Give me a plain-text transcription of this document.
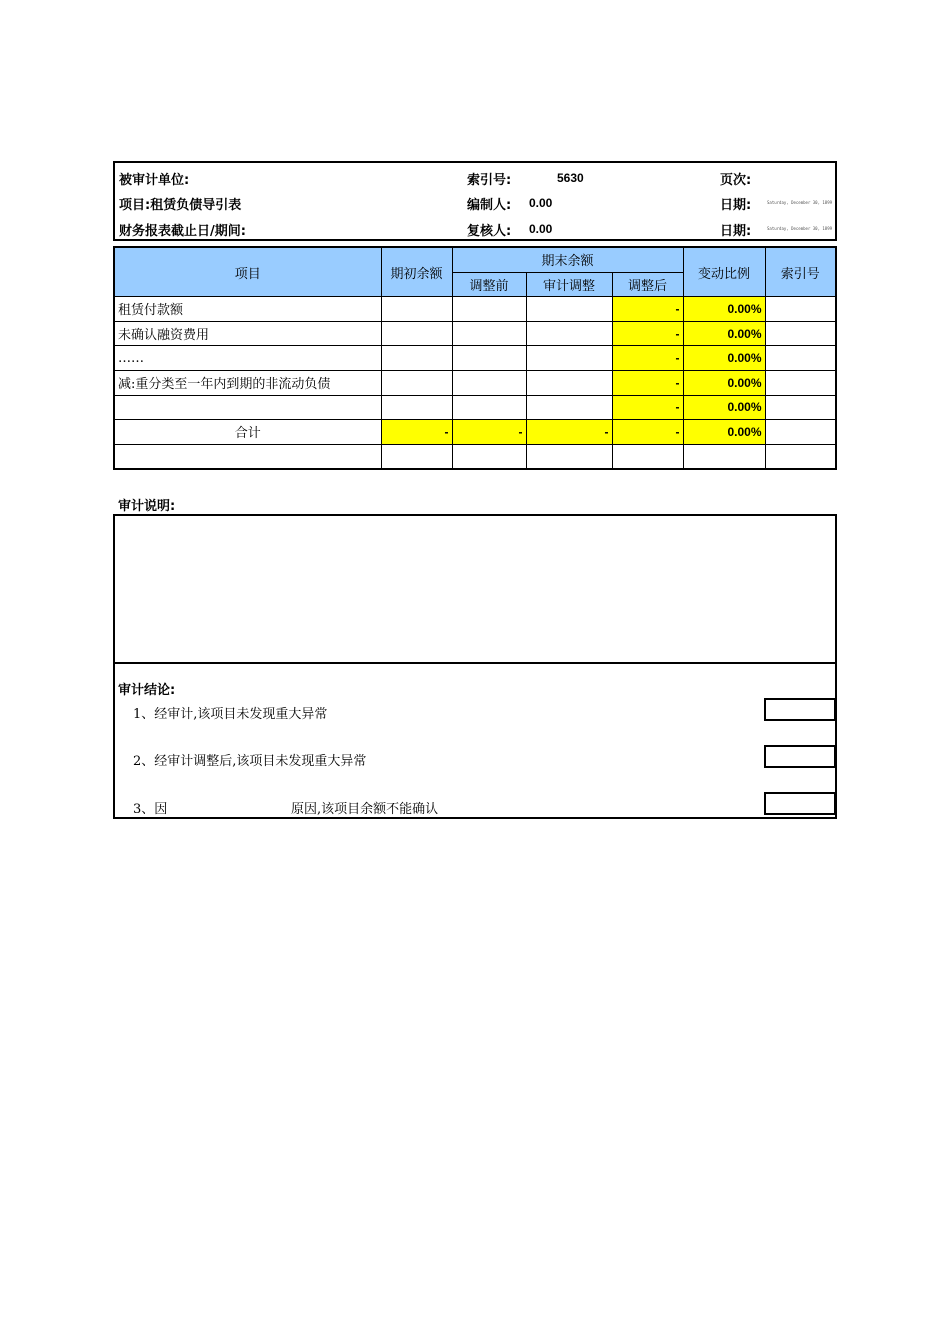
被审计单位:
项目:租赁负债导引表
财务报表截止日/期间:
索引号:	5630
编制人: 0.00
复核人: 0.00
页次:
日期:	Saturday, December 30, 1899
日期:	Saturday, December 30, 1899
项目	期初余额	期末余额			变动比例	索引号
		调整前	审计调整	调整后		
租赁付款额				-	0.00%	
未确认融资费用				-	0.00%	
……				-	0.00%	
减:重分类至一年内到期的非流动负债				-	0.00%	
				-	0.00%	
合计	-	-	-	-	0.00%	

审计说明:
审计结论:
1、经审计,该项目未发现重大异常
2、经审计调整后,该项目未发现重大异常
3、因	原因,该项目余额不能确认
